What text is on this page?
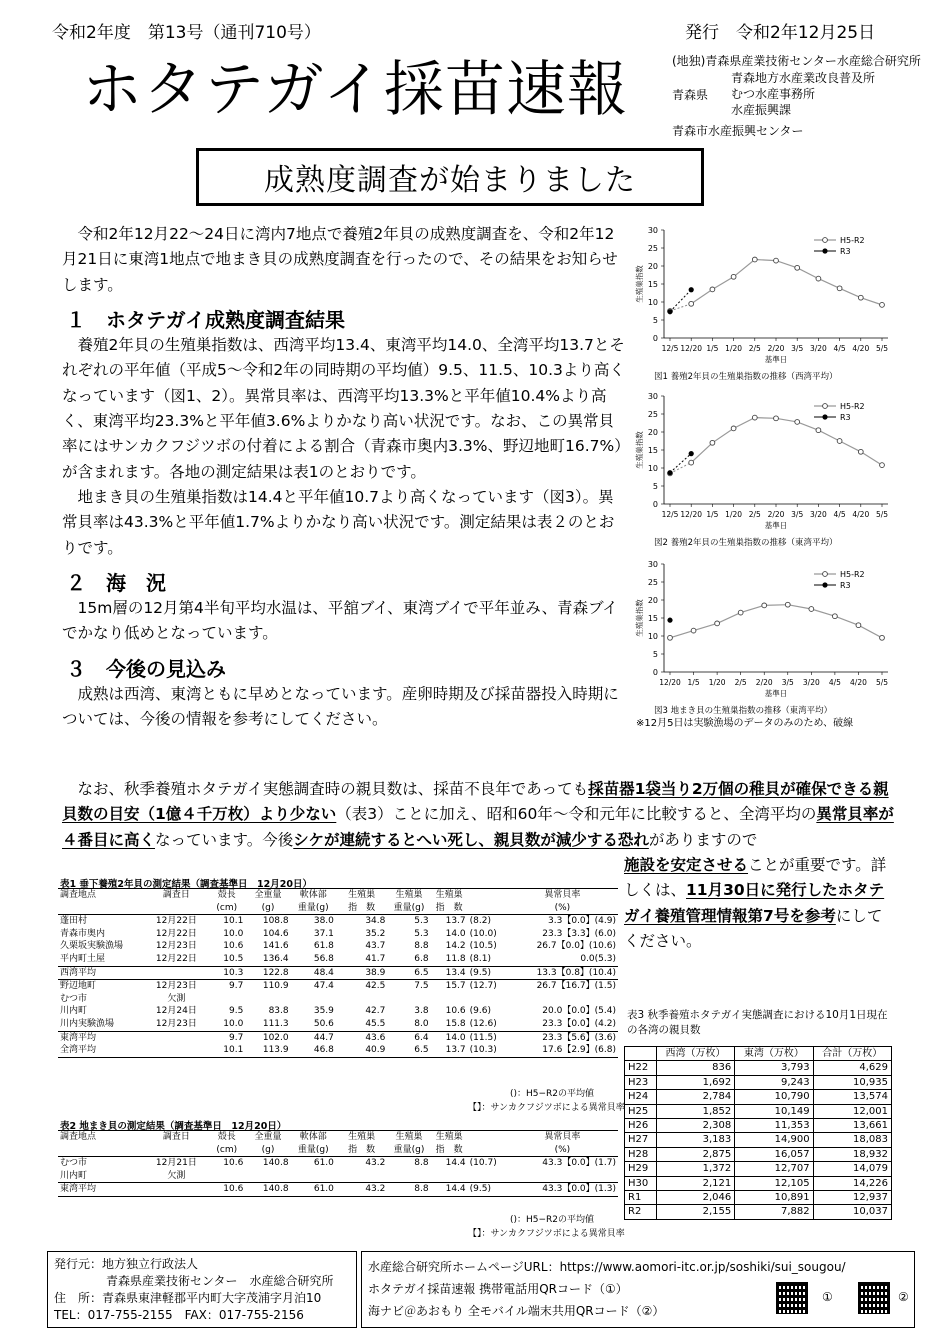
令和2年度　第13号（通刊710号）	発行　令和2年12月25日
ホタテガイ採苗速報	(地独)青森県産業技術センター水産総合研究所
青森県
青森地方水産業改良普及所
むつ水産事務所
水産振興課
青森市水産振興センター
成熟度調査が始まりました

令和2年12月22～24日に湾内7地点で養殖2年貝の成熟度調査を、令和2年12月21日に東湾1地点で地まき貝の成熟度調査を行ったので、その結果をお知らせします。

１　ホタテガイ成熟度調査結果

養殖2年貝の生殖巣指数は、西湾平均13.4、東湾平均14.0、全湾平均13.7とそれぞれの平年値（平成5～令和2年の同時期の平均値）9.5、11.5、10.3より高くなっています（図1、2）。異常貝率は、西湾平均13.3%と平年値10.4%より高く、東湾平均23.3%と平年値3.6%よりかなり高い状況です。なお、この異常貝率にはサンカクフジツボの付着による割合（青森市奥内3.3%、野辺地町16.7%）が含まれます。各地の測定結果は表1のとおりです。

地まき貝の生殖巣指数は14.4と平年値10.7より高くなっています（図3）。異常貝率は43.3%と平年値1.7%よりかなり高い状況です。測定結果は表２のとおりです。

２　海　況

15m層の12月第4半旬平均水温は、平舘ブイ、東湾ブイで平年並み、青森ブイでかなり低めとなっています。

３　今後の見込み

成熟は西湾、東湾ともに早めとなっています。産卵時期及び採苗器投入時期については、今後の情報を参考にしてください。

なお、秋季養殖ホタテガイ実態調査時の親貝数は、採苗不良年であっても採苗器1袋当り2万個の稚貝が確保できる親貝数の目安（1億４千万枚）より少ない（表3）ことに加え、昭和60年～令和元年に比較すると、全湾平均の異常貝率が４番目に高くなっています。今後シケが連続するとへい死し、親貝数が減少する恐れがありますので

施設を安定させることが重要です。詳しくは、11月30日に発行したホタテガイ養殖管理情報第7号を参考にしてください。
0
5
10
15
20
25
30
12/5 12/20 1/5 1/20 2/5 2/20 3/5 3/20 4/5 4/20 5/5
基準日
生殖巣指数
H5-R2
R3
図1 養殖2年貝の生殖巣指数の推移（西湾平均）
0
5
10
15
20
25
30
12/5 12/20 1/5 1/20 2/5 2/20 3/5 3/20 4/5 4/20 5/5
基準日
生殖巣指数
H5-R2
R3
図2 養殖2年貝の生殖巣指数の推移（東湾平均）
0
5
10
15
20
25
30
12/20 1/5 1/20 2/5 2/20 3/5 3/20 4/5 4/20 5/5
基準日
生殖巣指数
H5-R2
R3
図3 地まき貝の生殖巣指数の推移（東湾平均）
※12月5日は実験漁場のデータのみのため、破線
表1 垂下養殖2年貝の測定結果（調査基準日　12月20日）
調査地点	調査日	殻長	全重量	軟体部	生殖巣	生殖巣	生殖巣		異常貝率
		(cm)	(g)	重量(g)	指　数	重量(g)	指　数		(%)
蓬田村	12月22日	10.1	108.8	38.0	34.8	5.3	13.7	(8.2)	3.3【0.0】(4.9)
青森市奥内	12月22日	10.0	104.6	37.1	35.2	5.3	14.0	(10.0)	23.3【3.3】(6.0)
久栗坂実験漁場	12月23日	10.6	141.6	61.8	43.7	8.8	14.2	(10.5)	26.7【0.0】(10.6)
平内町土屋	12月22日	10.5	136.4	56.8	41.7	6.8	11.8	(8.1)	0.0(5.3)
西湾平均		10.3	122.8	48.4	38.9	6.5	13.4	(9.5)	13.3【0.8】(10.4)
野辺地町	12月23日	9.7	110.9	47.4	42.5	7.5	15.7	(12.7)	26.7【16.7】(1.5)
むつ市	欠測								
川内町	12月24日	9.5	83.8	35.9	42.7	3.8	10.6	(9.6)	20.0【0.0】(5.4)
川内実験漁場	12月23日	10.0	111.3	50.6	45.5	8.0	15.8	(12.6)	23.3【0.0】(4.2)
東湾平均		9.7	102.0	44.7	43.6	6.4	14.0	(11.5)	23.3【5.6】(3.6)
全湾平均		10.1	113.9	46.8	40.9	6.5	13.7	(10.3)	17.6【2.9】(6.8)
()：H5−R2の平均値
【】：サンカクフジツボによる異常貝率
表2 地まき貝の測定結果（調査基準日　12月20日）
調査地点	調査日	殻長	全重量	軟体部	生殖巣	生殖巣	生殖巣		異常貝率
		(cm)	(g)	重量(g)	指　数	重量(g)	指　数		(%)
むつ市	12月21日	10.6	140.8	61.0	43.2	8.8	14.4	(10.7)	43.3【0.0】(1.7)
川内町	欠測								
東湾平均		10.6	140.8	61.0	43.2	8.8	14.4	(9.5)	43.3【0.0】(1.3)
()：H5−R2の平均値
【】：サンカクフジツボによる異常貝率
表3 秋季養殖ホタテガイ実態調査における10月1日現在の各湾の親貝数
	西湾（万枚）	東湾（万枚）	合計（万枚）
H22	836	3,793	4,629
H23	1,692	9,243	10,935
H24	2,784	10,790	13,574
H25	1,852	10,149	12,001
H26	2,308	11,353	13,661
H27	3,183	14,900	18,083
H28	2,875	16,057	18,932
H29	1,372	12,707	14,079
H30	2,121	12,105	14,226
R1	2,046	10,891	12,937
R2	2,155	7,882	10,037
発行元：地方独立行政法人
青森県産業技術センター　水産総合研究所
住　所：青森県東津軽郡平内町大字茂浦字月泊10
TEL：017-755-2155　FAX：017-755-2156
水産総合研究所ホームページURL：https://www.aomori-itc.or.jp/soshiki/sui_sougou/
ホタテガイ採苗速報 携帯電話用QRコード（①）
海ナビ＠あおもり 全モバイル端末共用QRコード（②）
①	②
